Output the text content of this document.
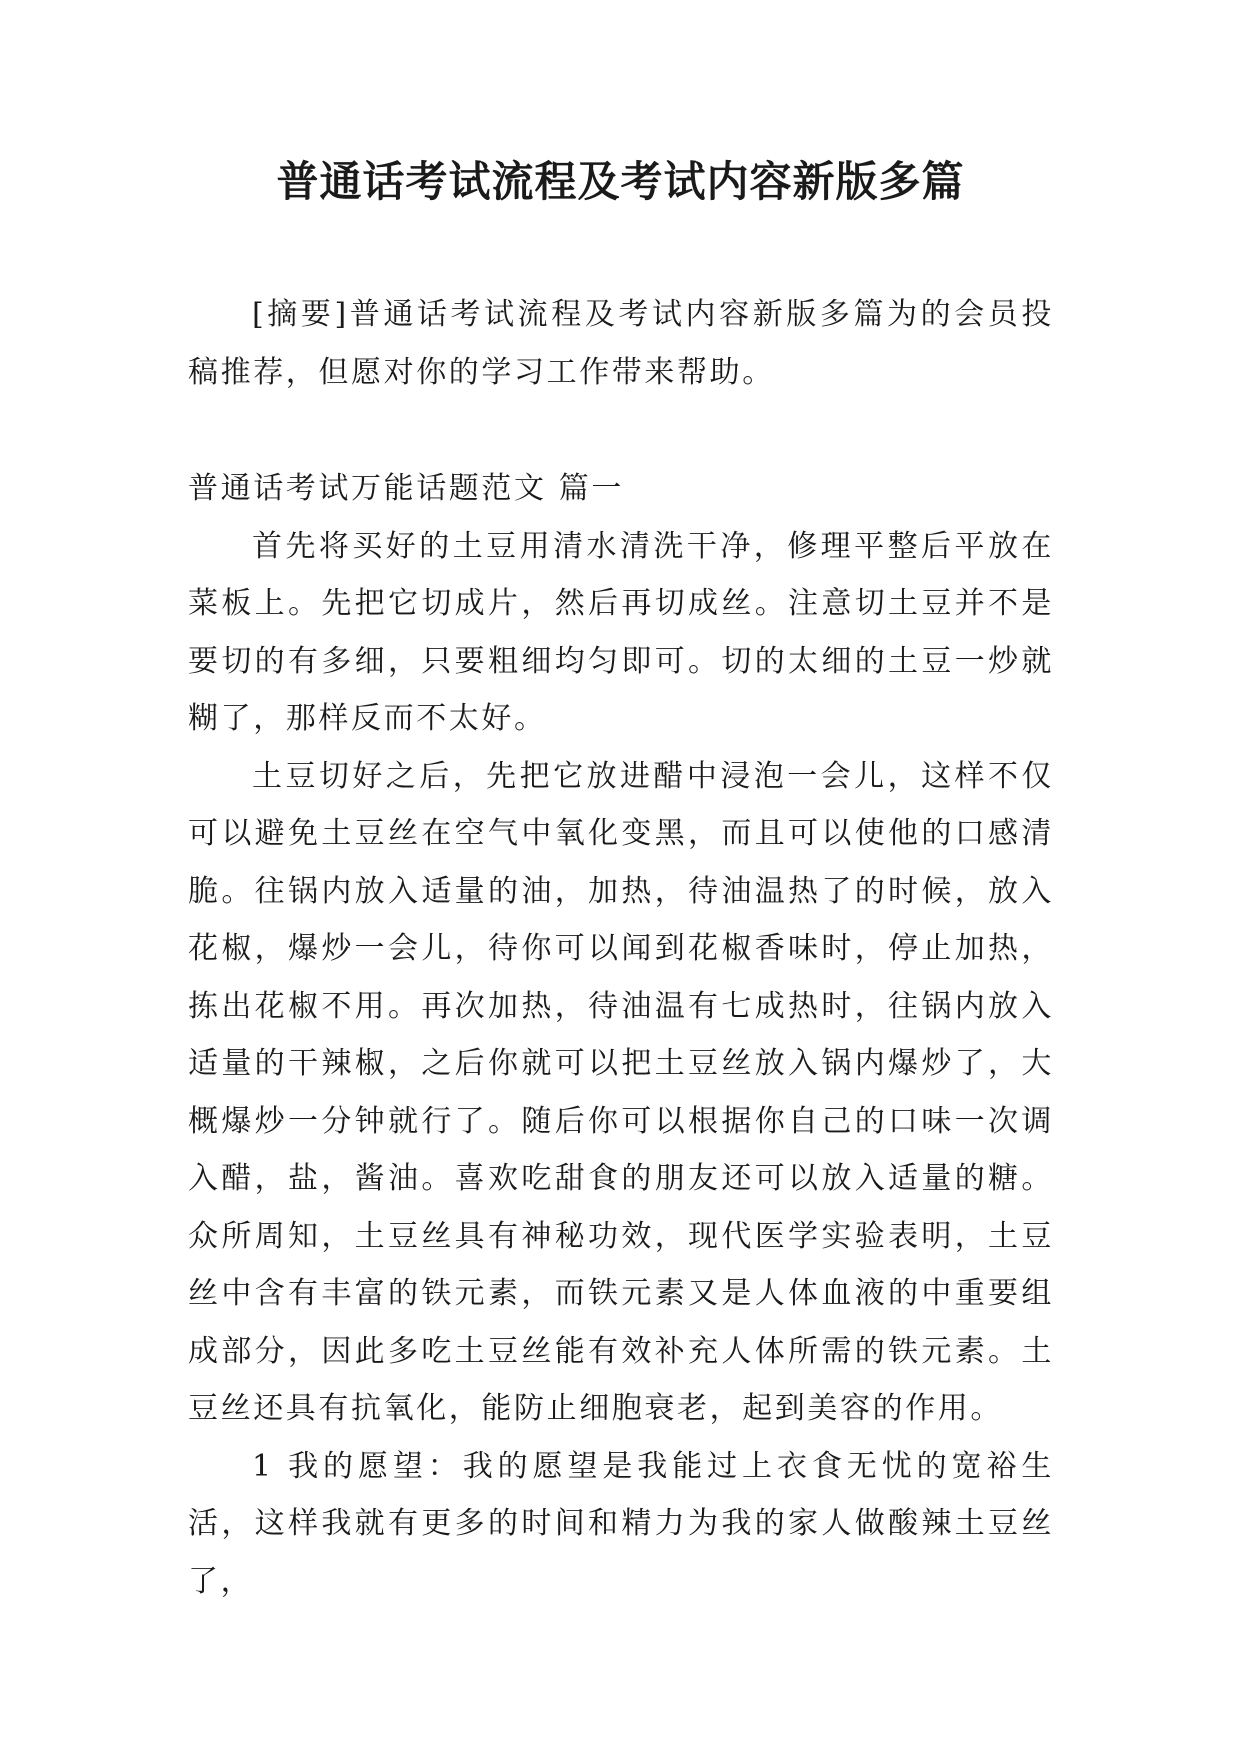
普通话考试流程及考试内容新版多篇

[摘要]普通话考试流程及考试内容新版多篇为的会员投稿推荐，但愿对你的学习工作带来帮助。

普通话考试万能话题范文 篇一

首先将买好的土豆用清水清洗干净，修理平整后平放在菜板上。先把它切成片，然后再切成丝。注意切土豆并不是要切的有多细，只要粗细均匀即可。切的太细的土豆一炒就糊了，那样反而不太好。

土豆切好之后，先把它放进醋中浸泡一会儿，这样不仅可以避免土豆丝在空气中氧化变黑，而且可以使他的口感清脆。往锅内放入适量的油，加热，待油温热了的时候，放入花椒，爆炒一会儿，待你可以闻到花椒香味时，停止加热，拣出花椒不用。再次加热，待油温有七成热时，往锅内放入适量的干辣椒，之后你就可以把土豆丝放入锅内爆炒了，大概爆炒一分钟就行了。随后你可以根据你自己的口味一次调入醋，盐，酱油。喜欢吃甜食的朋友还可以放入适量的糖。众所周知，土豆丝具有神秘功效，现代医学实验表明，土豆丝中含有丰富的铁元素，而铁元素又是人体血液的中重要组成部分，因此多吃土豆丝能有效补充人体所需的铁元素。土豆丝还具有抗氧化，能防止细胞衰老，起到美容的作用。

1 我的愿望：我的愿望是我能过上衣食无忧的宽裕生活，这样我就有更多的时间和精力为我的家人做酸辣土豆丝了，
